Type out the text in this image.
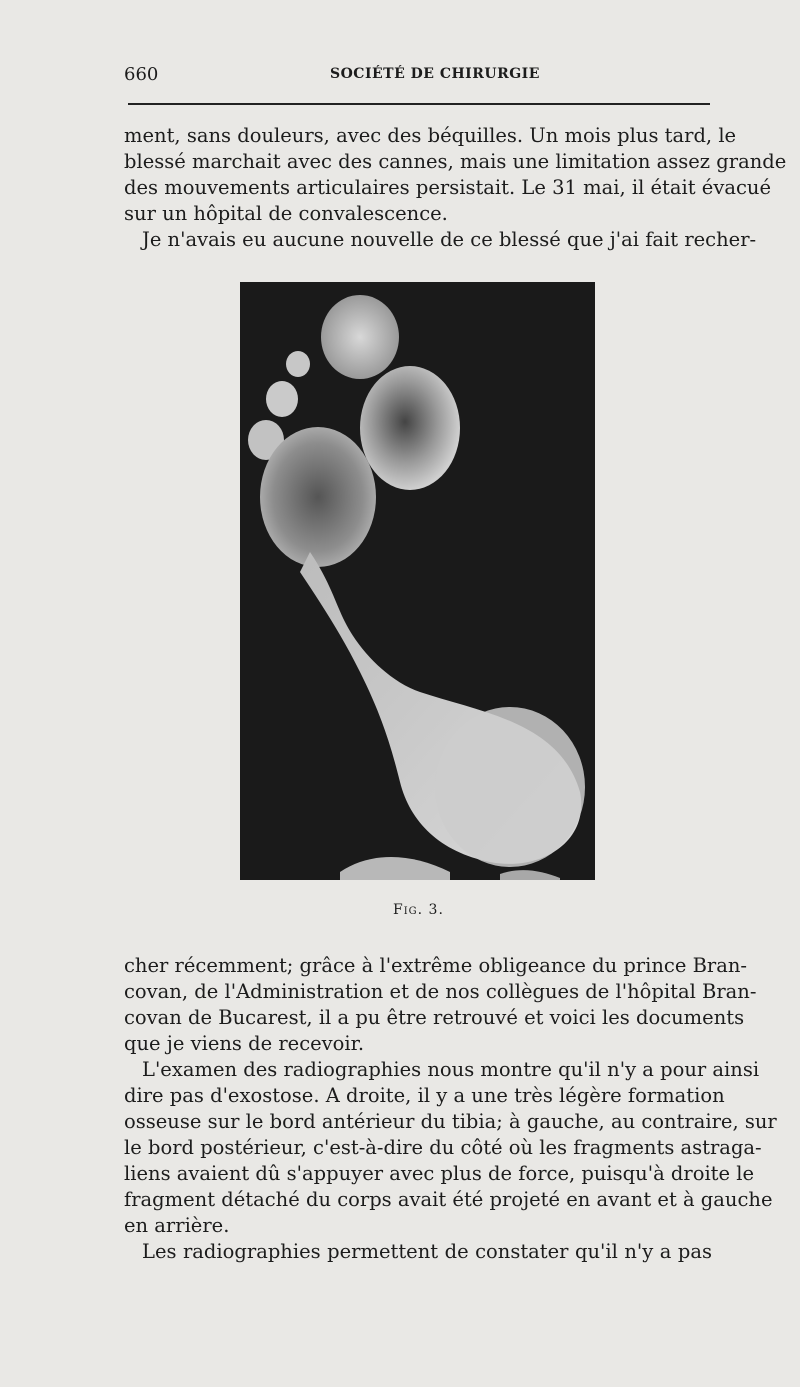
660	SOCIÉTÉ DE CHIRURGIE

ment, sans douleurs, avec des béquilles. Un mois plus tard, le
blessé marchait avec des cannes, mais une limitation assez grande
des mouvements articulaires persistait. Le 31 mai, il était évacué
sur un hôpital de convalescence.

Je n'avais eu aucune nouvelle de ce blessé que j'ai fait recher-

Fig. 3.

cher récemment; grâce à l'extrême obligeance du prince Bran-
covan, de l'Administration et de nos collègues de l'hôpital Bran-
covan de Bucarest, il a pu être retrouvé et voici les documents
que je viens de recevoir.

L'examen des radiographies nous montre qu'il n'y a pour ainsi
dire pas d'exostose. A droite, il y a une très légère formation
osseuse sur le bord antérieur du tibia; à gauche, au contraire, sur
le bord postérieur, c'est-à-dire du côté où les fragments astraga-
liens avaient dû s'appuyer avec plus de force, puisqu'à droite le
fragment détaché du corps avait été projeté en avant et à gauche
en arrière.

Les radiographies permettent de constater qu'il n'y a pas
